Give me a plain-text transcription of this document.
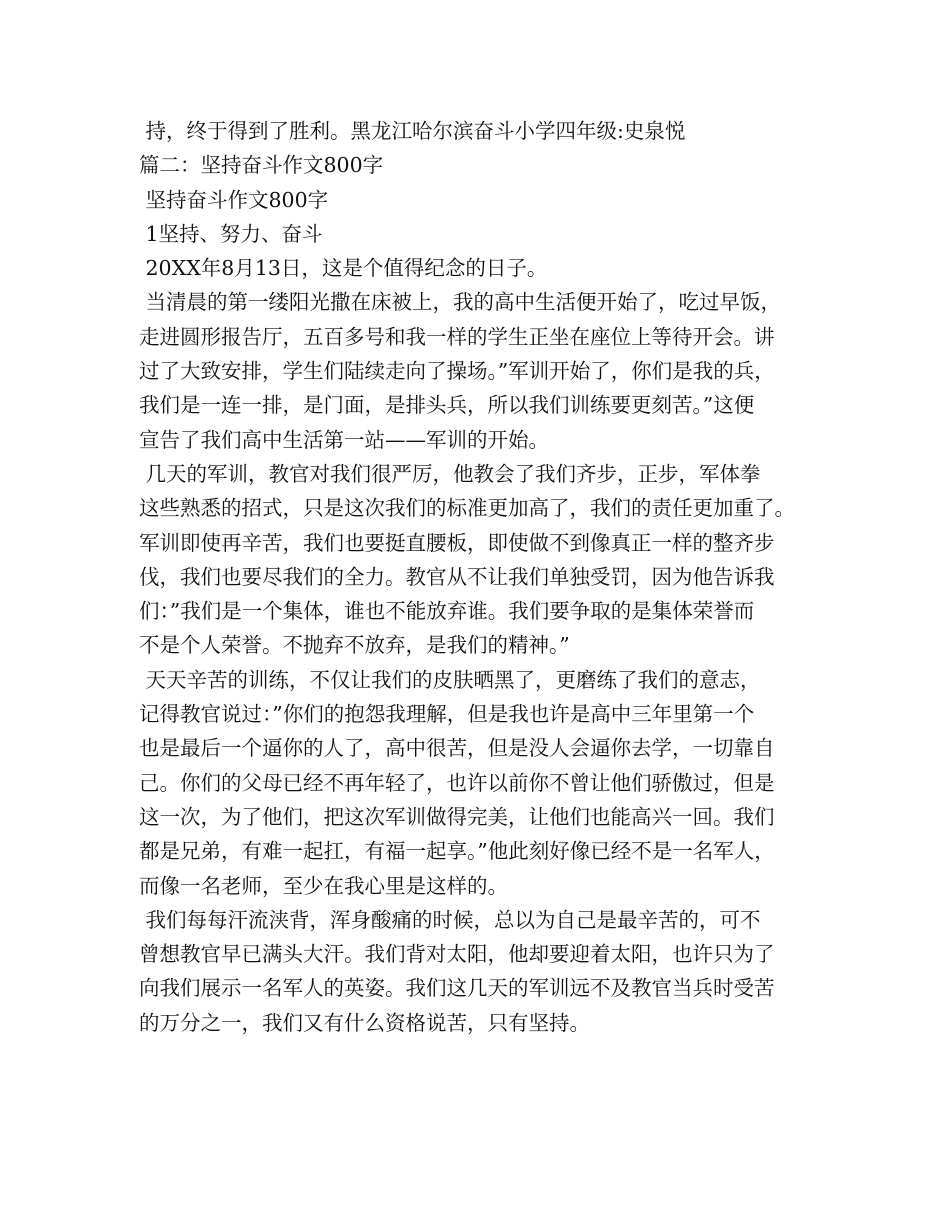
持，终于得到了胜利。黑龙江哈尔滨奋斗小学四年级:史泉悦
篇二：坚持奋斗作文800字
坚持奋斗作文800字
1坚持、努力、奋斗
20XX年8月13日，这是个值得纪念的日子。
当清晨的第一缕阳光撒在床被上，我的高中生活便开始了，吃过早饭，
走进圆形报告厅，五百多号和我一样的学生正坐在座位上等待开会。讲
过了大致安排，学生们陆续走向了操场。”军训开始了，你们是我的兵，
我们是一连一排，是门面，是排头兵，所以我们训练要更刻苦。”这便
宣告了我们高中生活第一站——军训的开始。
几天的军训，教官对我们很严厉，他教会了我们齐步，正步，军体拳
这些熟悉的招式，只是这次我们的标准更加高了，我们的责任更加重了。
军训即使再辛苦，我们也要挺直腰板，即使做不到像真正一样的整齐步
伐，我们也要尽我们的全力。教官从不让我们单独受罚，因为他告诉我
们：”我们是一个集体，谁也不能放弃谁。我们要争取的是集体荣誉而
不是个人荣誉。不抛弃不放弃，是我们的精神。”
天天辛苦的训练，不仅让我们的皮肤晒黑了，更磨练了我们的意志，
记得教官说过：”你们的抱怨我理解，但是我也许是高中三年里第一个
也是最后一个逼你的人了，高中很苦，但是没人会逼你去学，一切靠自
己。你们的父母已经不再年轻了，也许以前你不曾让他们骄傲过，但是
这一次，为了他们，把这次军训做得完美，让他们也能高兴一回。我们
都是兄弟，有难一起扛，有福一起享。”他此刻好像已经不是一名军人，
而像一名老师，至少在我心里是这样的。
我们每每汗流浃背，浑身酸痛的时候，总以为自己是最辛苦的，可不
曾想教官早已满头大汗。我们背对太阳，他却要迎着太阳，也许只为了
向我们展示一名军人的英姿。我们这几天的军训远不及教官当兵时受苦
的万分之一，我们又有什么资格说苦，只有坚持。
